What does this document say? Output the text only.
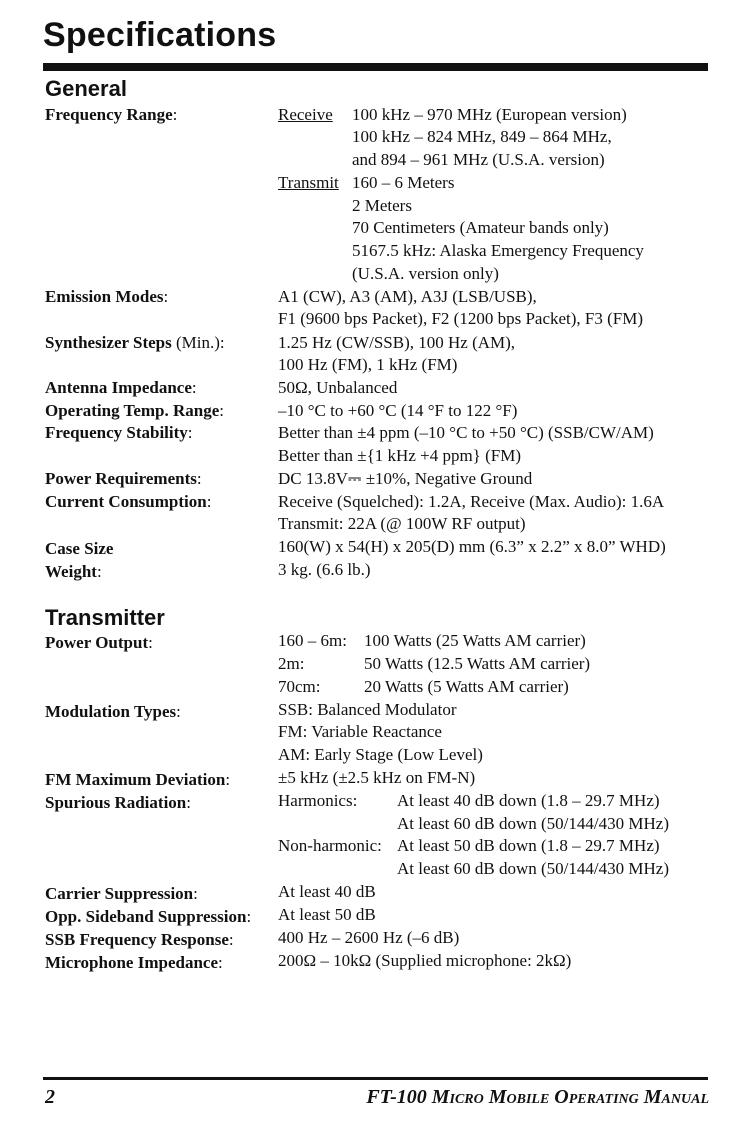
Specifications
General
Frequency Range:	Receive 100 kHz – 970 MHz (European version)
100 kHz – 824 MHz, 849 – 864 MHz,
and 894 – 961 MHz (U.S.A. version)
Transmit 160 – 6 Meters
2 Meters
70 Centimeters (Amateur bands only)
5167.5 kHz: Alaska Emergency Frequency
(U.S.A. version only)
Emission Modes:	A1 (CW), A3 (AM), A3J (LSB/USB),
F1 (9600 bps Packet), F2 (1200 bps Packet), F3 (FM)
Synthesizer Steps (Min.):	1.25 Hz (CW/SSB), 100 Hz (AM),
100 Hz (FM), 1 kHz (FM)
Antenna Impedance:	50Ω, Unbalanced
Operating Temp. Range:	–10 °C to +60 °C (14 °F to 122 °F)
Frequency Stability:	Better than ±4 ppm (–10 °C to +50 °C) (SSB/CW/AM)
Better than ±{1 kHz +4 ppm} (FM)
Power Requirements:	DC 13.8V⎓ ±10%, Negative Ground
Current Consumption:	Receive (Squelched): 1.2A, Receive (Max. Audio): 1.6A
Transmit: 22A (@ 100W RF output)
Case Size	160(W) x 54(H) x 205(D) mm (6.3” x 2.2” x 8.0” WHD)
Weight:	3 kg. (6.6 lb.)
Transmitter
Power Output:	160 – 6m: 100 Watts (25 Watts AM carrier)
2m:	50 Watts (12.5 Watts AM carrier)
70cm:	20 Watts (5 Watts AM carrier)
Modulation Types:	SSB: Balanced Modulator
FM: Variable Reactance
AM: Early Stage (Low Level)
FM Maximum Deviation:	±5 kHz (±2.5 kHz on FM-N)
Spurious Radiation:	Harmonics: At least 40 dB down (1.8 – 29.7 MHz)
At least 60 dB down (50/144/430 MHz)
Non-harmonic: At least 50 dB down (1.8 – 29.7 MHz)
At least 60 dB down (50/144/430 MHz)
Carrier Suppression:	At least 40 dB
Opp. Sideband Suppression: At least 50 dB
SSB Frequency Response:	400 Hz – 2600 Hz (–6 dB)
Microphone Impedance:	200Ω – 10kΩ (Supplied microphone: 2kΩ)
2	FT-100 Micro Mobile Operating Manual
